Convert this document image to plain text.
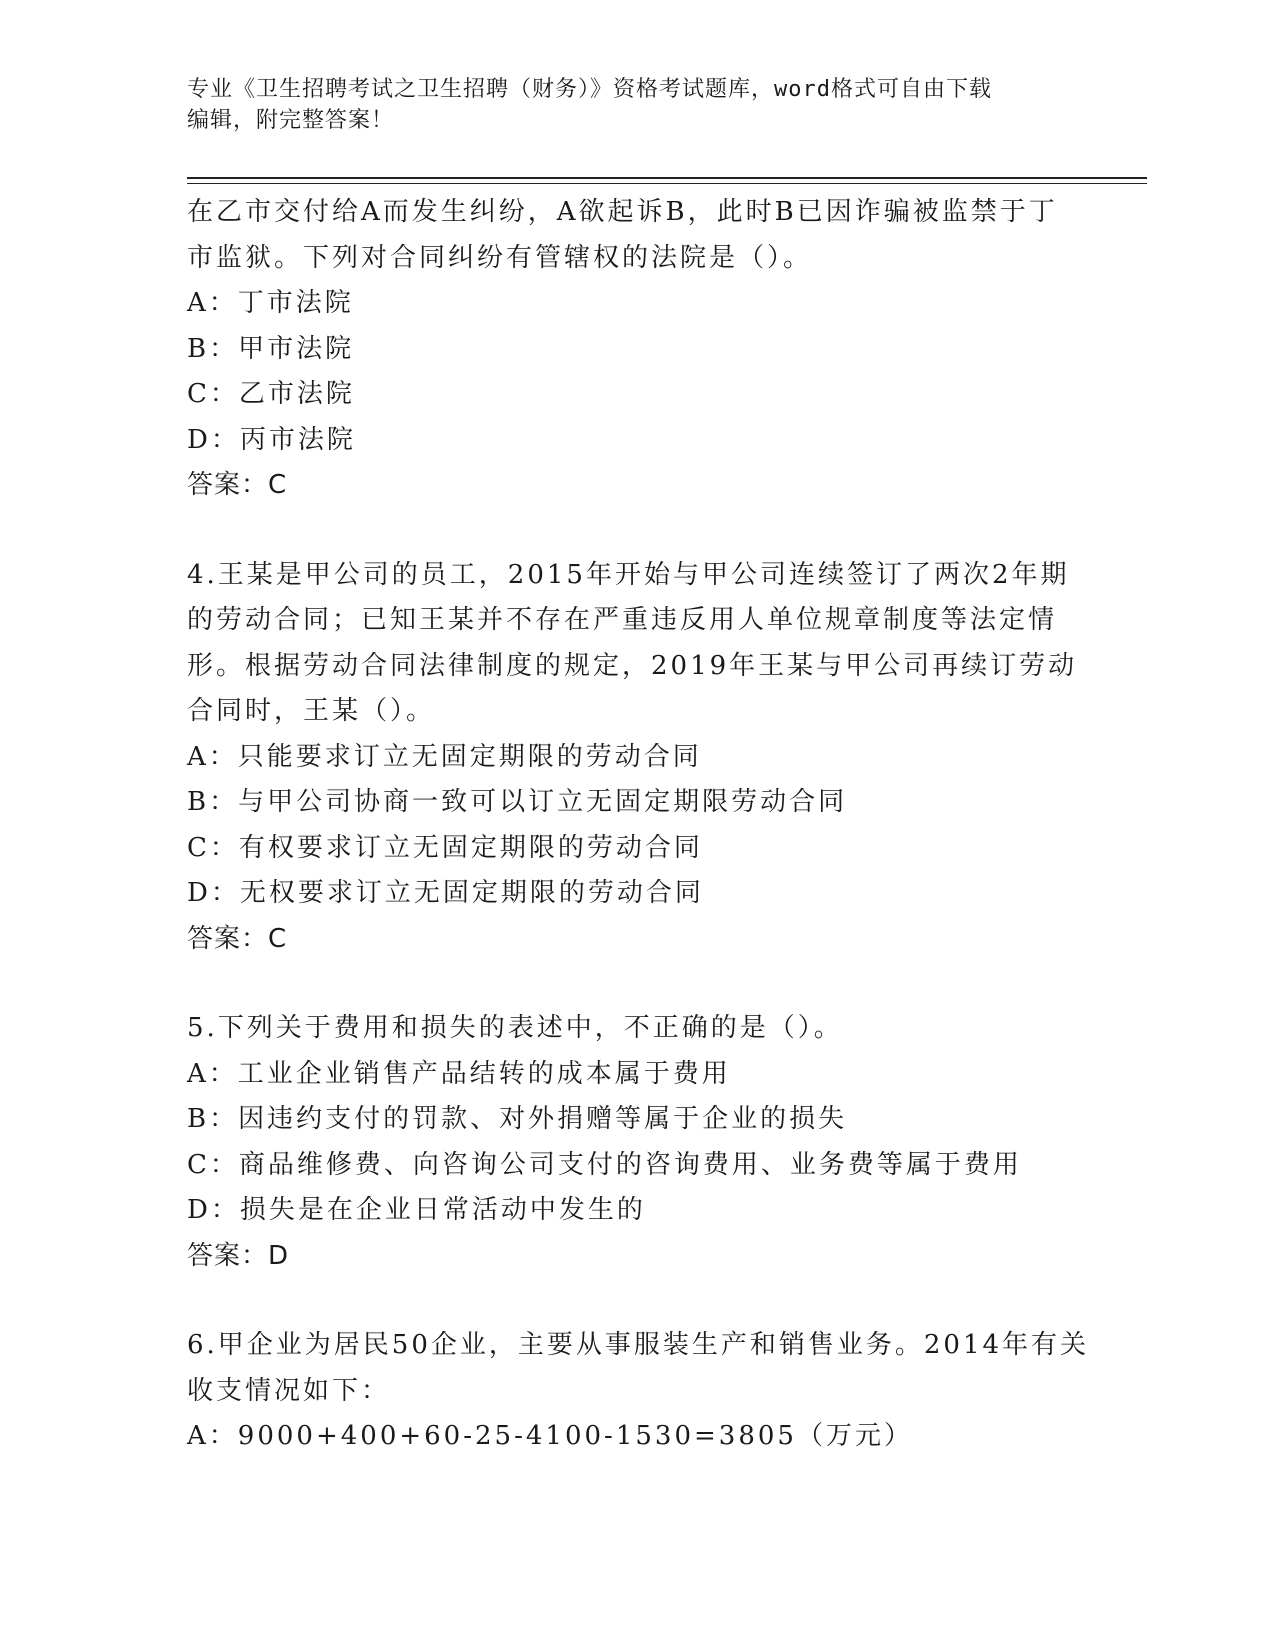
专业《卫生招聘考试之卫生招聘（财务）》资格考试题库，word格式可自由下载
编辑，附完整答案！
在乙市交付给A而发生纠纷，A欲起诉B，此时B已因诈骗被监禁于丁
市监狱。下列对合同纠纷有管辖权的法院是（）。
A：丁市法院
B：甲市法院
C：乙市法院
D：丙市法院
答案：C
4.王某是甲公司的员工，2015年开始与甲公司连续签订了两次2年期
的劳动合同；已知王某并不存在严重违反用人单位规章制度等法定情
形。根据劳动合同法律制度的规定，2019年王某与甲公司再续订劳动
合同时，王某（）。
A：只能要求订立无固定期限的劳动合同
B：与甲公司协商一致可以订立无固定期限劳动合同
C：有权要求订立无固定期限的劳动合同
D：无权要求订立无固定期限的劳动合同
答案：C
5.下列关于费用和损失的表述中，不正确的是（）。
A：工业企业销售产品结转的成本属于费用
B：因违约支付的罚款、对外捐赠等属于企业的损失
C：商品维修费、向咨询公司支付的咨询费用、业务费等属于费用
D：损失是在企业日常活动中发生的
答案：D
6.甲企业为居民50企业，主要从事服装生产和销售业务。2014年有关
收支情况如下：
A：9000+400+60-25-4100-1530=3805（万元）
